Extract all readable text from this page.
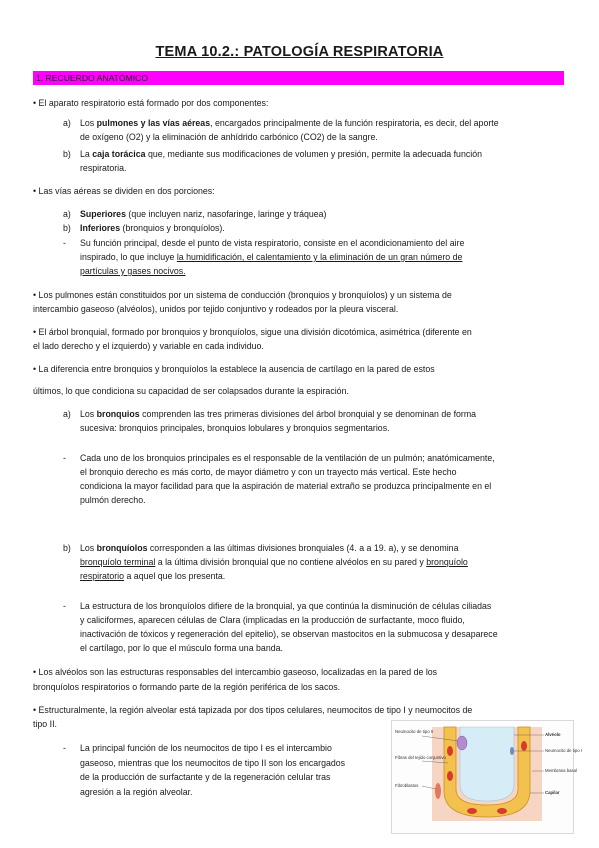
TEMA 10.2.: PATOLOGÍA RESPIRATORIA
1. RECUERDO ANATÓMICO
• El aparato respiratorio está formado por dos componentes:
a) Los pulmones y las vías aéreas, encargados principalmente de la función respiratoria, es decir, del aporte
de oxígeno (O2) y la eliminación de anhídrido carbónico (CO2) de la sangre.
b) La caja torácica que, mediante sus modificaciones de volumen y presión, permite la adecuada función
respiratoria.
• Las vías aéreas se dividen en dos porciones:
a) Superiores (que incluyen nariz, nasofaringe, laringe y tráquea)
b) Inferiores (bronquios y bronquíolos).
- Su función principal, desde el punto de vista respiratorio, consiste en el acondicionamiento del aire
inspirado, lo que incluye la humidificación, el calentamiento y la eliminación de un gran número de
partículas y gases nocivos.
• Los pulmones están constituidos por un sistema de conducción (bronquios y bronquíolos) y un sistema de
intercambio gaseoso (alvéolos), unidos por tejido conjuntivo y rodeados por la pleura visceral.
• El árbol bronquial, formado por bronquios y bronquíolos, sigue una división dicotómica, asimétrica (diferente en
el lado derecho y el izquierdo) y variable en cada individuo.
• La diferencia entre bronquios y bronquíolos la establece la ausencia de cartílago en la pared de estos
últimos, lo que condiciona su capacidad de ser colapsados durante la espiración.
a) Los bronquios comprenden las tres primeras divisiones del árbol bronquial y se denominan de forma
sucesiva: bronquios principales, bronquios lobulares y bronquios segmentarios.
- Cada uno de los bronquios principales es el responsable de la ventilación de un pulmón; anatómicamente,
el bronquio derecho es más corto, de mayor diámetro y con un trayecto más vertical. Este hecho
condiciona la mayor facilidad para que la aspiración de material extraño se produzca principalmente en el
pulmón derecho.
b) Los bronquíolos corresponden a las últimas divisiones bronquiales (4. a a 19. a), y se denomina
bronquíolo terminal a la última división bronquial que no contiene alvéolos en su pared y bronquíolo
respiratorio a aquel que los presenta.
- La estructura de los bronquíolos difiere de la bronquial, ya que continúa la disminución de células ciliadas
y caliciformes, aparecen células de Clara (implicadas en la producción de surfactante, moco fluido,
inactivación de tóxicos y regeneración del epitelio), se observan mastocitos en la submucosa y desaparece
el cartílago, por lo que el músculo forma una banda.
• Los alvéolos son las estructuras responsables del intercambio gaseoso, localizadas en la pared de los
bronquíolos respiratorios o formando parte de la región periférica de los sacos.
• Estructuralmente, la región alveolar está tapizada por dos tipos celulares, neumocitos de tipo I y neumocitos de
tipo II.
- La principal función de los neumocitos de tipo I es el intercambio
gaseoso, mientras que los neumocitos de tipo II son los encargados
de la producción de surfactante y de la regeneración celular tras
agresión a la región alveolar.
Neumocito de tipo II
Fibras del tejido conjuntivo
Fibroblastos
Alvéolo
Neumocito de tipo I
Membrana basal
Capilar
